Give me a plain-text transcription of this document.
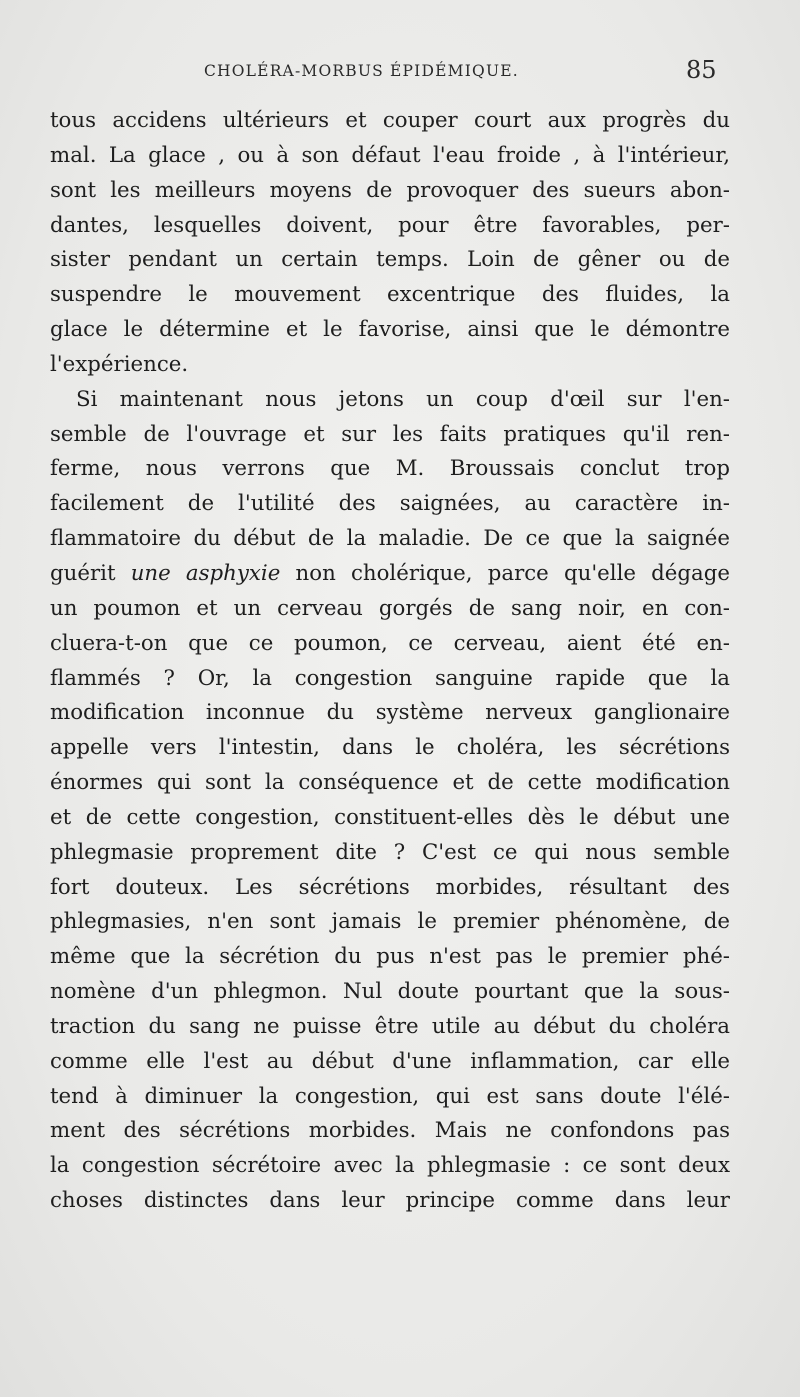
CHOLÉRA-MORBUS ÉPIDÉMIQUE.	85
tous accidens ultérieurs et couper court aux progrès du
mal. La glace , ou à son défaut l'eau froide , à l'intérieur,
sont les meilleurs moyens de provoquer des sueurs abon-
dantes, lesquelles doivent, pour être favorables, per-
sister pendant un certain temps. Loin de gêner ou de
suspendre le mouvement excentrique des fluides, la
glace le détermine et le favorise, ainsi que le démontre
l'expérience.
Si maintenant nous jetons un coup d'œil sur l'en-
semble de l'ouvrage et sur les faits pratiques qu'il ren-
ferme, nous verrons que M. Broussais conclut trop
facilement de l'utilité des saignées, au caractère in-
flammatoire du début de la maladie. De ce que la saignée
guérit une asphyxie non cholérique, parce qu'elle dégage
un poumon et un cerveau gorgés de sang noir, en con-
cluera-t-on que ce poumon, ce cerveau, aient été en-
flammés ? Or, la congestion sanguine rapide que la
modification inconnue du système nerveux ganglionaire
appelle vers l'intestin, dans le choléra, les sécrétions
énormes qui sont la conséquence et de cette modification
et de cette congestion, constituent-elles dès le début une
phlegmasie proprement dite ? C'est ce qui nous semble
fort douteux. Les sécrétions morbides, résultant des
phlegmasies, n'en sont jamais le premier phénomène, de
même que la sécrétion du pus n'est pas le premier phé-
nomène d'un phlegmon. Nul doute pourtant que la sous-
traction du sang ne puisse être utile au début du choléra
comme elle l'est au début d'une inflammation, car elle
tend à diminuer la congestion, qui est sans doute l'élé-
ment des sécrétions morbides. Mais ne confondons pas
la congestion sécrétoire avec la phlegmasie : ce sont deux
choses distinctes dans leur principe comme dans leur
